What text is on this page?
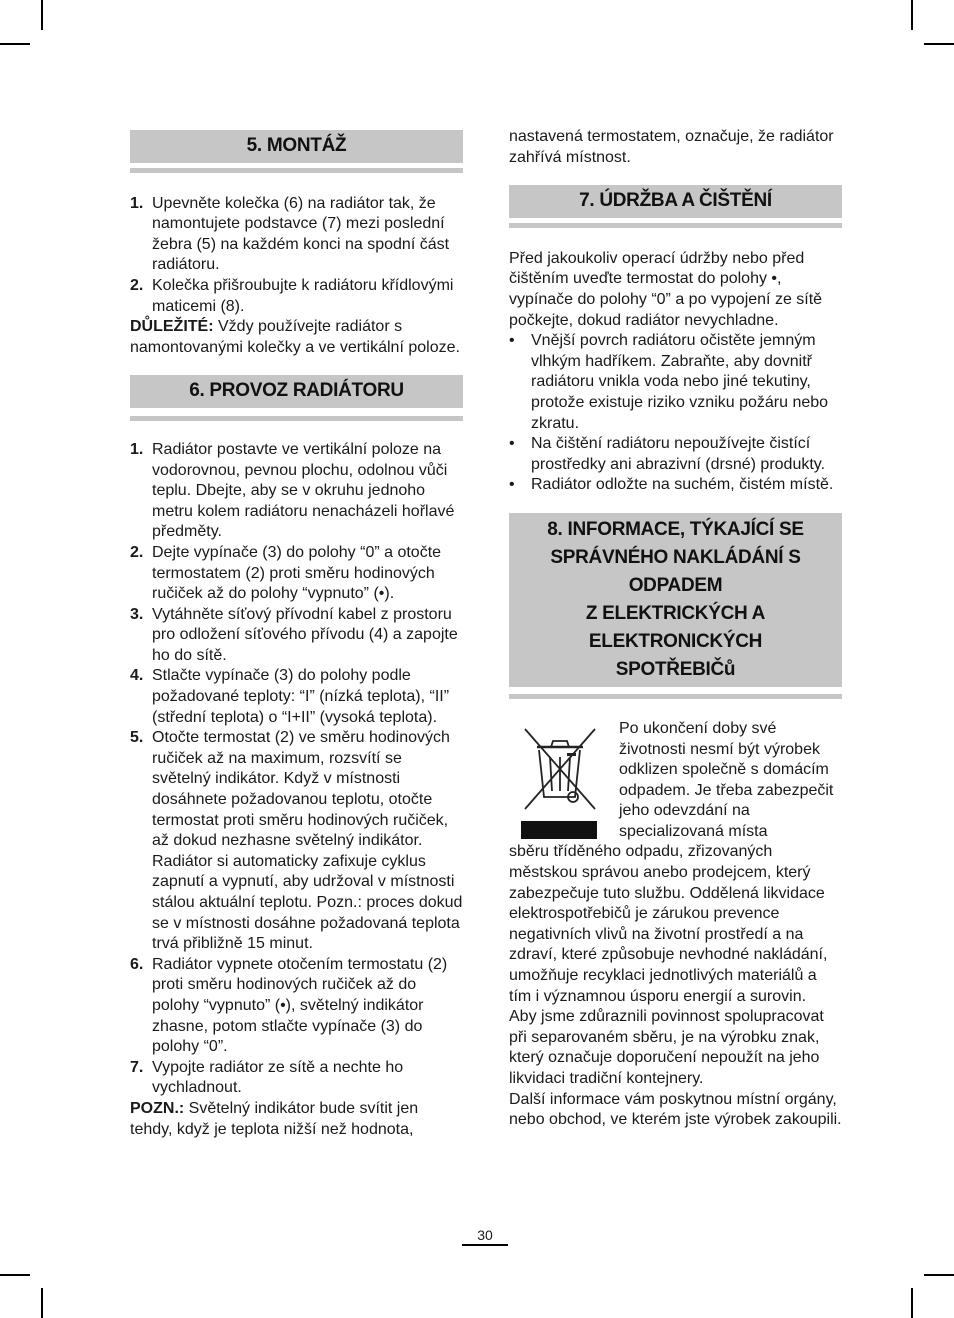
5. MONTÁŽ
1. Upevněte kolečka (6) na radiátor tak, že namontujete podstavce (7) mezi poslední žebra (5) na každém konci na spodní část radiátoru.
2. Kolečka přišroubujte k radiátoru křídlovými maticemi (8).

DŮLEŽITÉ: Vždy používejte radiátor s namontovanými kolečky a ve vertikální poloze.

6. PROVOZ RADIÁTORU
1. Radiátor postavte ve vertikální poloze na vodorovnou, pevnou plochu, odolnou vůči teplu. Dbejte, aby se v okruhu jednoho metru kolem radiátoru nenacházeli hořlavé předměty.
2. Dejte vypínače (3) do polohy “0” a otočte termostatem (2) proti směru hodinových ručiček až do polohy “vypnuto” (•).
3. Vytáhněte síťový přívodní kabel z prostoru pro odložení síťového přívodu (4) a zapojte ho do sítě.
4. Stlačte vypínače (3) do polohy podle požadované teploty: “I” (nízká teplota), “II” (střední teplota) o “I+II” (vysoká teplota).
5. Otočte termostat (2) ve směru hodinových ručiček až na maximum, rozsvítí se světelný indikátor. Když v místnosti dosáhnete požadovanou teplotu, otočte termostat proti směru hodinových ručiček, až dokud nezhasne světelný indikátor. Radiátor si automaticky zafixuje cyklus zapnutí a vypnutí, aby udržoval v místnosti stálou aktuální teplotu. Pozn.: proces dokud se v místnosti dosáhne požadovaná teplota trvá přibližně 15 minut.
6. Radiátor vypnete otočením termostatu (2) proti směru hodinových ručiček až do polohy “vypnuto” (•), světelný indikátor zhasne, potom stlačte vypínače (3) do polohy “0”.
7. Vypojte radiátor ze sítě a nechte ho vychladnout.

POZN.: Světelný indikátor bude svítit jen tehdy, když je teplota nižší než hodnota,

nastavená termostatem, označuje, že radiátor zahřívá místnost.

7. ÚDRŽBA A ČIŠTĚNÍ

Před jakoukoliv operací údržby nebo před čištěním uveďte termostat do polohy •, vypínače do polohy “0” a po vypojení ze sítě počkejte, dokud radiátor nevychladne.

• Vnější povrch radiátoru očistěte jemným vlhkým hadříkem. Zabraňte, aby dovnitř radiátoru vnikla voda nebo jiné tekutiny, protože existuje riziko vzniku požáru nebo zkratu.
• Na čištění radiátoru nepoužívejte čistící prostředky ani abrazivní (drsné) produkty.
• Radiátor odložte na suchém, čistém místě.
8. INFORMACE, TÝKAJÍCÍ SE
SPRÁVNÉHO NAKLÁDÁNÍ S ODPADEM
Z ELEKTRICKÝCH A ELEKTRONICKÝCH
SPOTŘEBIČů

Po ukončení doby své životnosti nesmí být výrobek odklizen společně s domácím odpadem. Je třeba zabezpečit jeho odevzdání na specializovaná místa

sběru tříděného odpadu, zřizovaných městskou správou anebo prodejcem, který zabezpečuje tuto službu. Oddělená likvidace elektrospotřebičů je zárukou prevence negativních vlivů na životní prostředí a na zdraví, které způsobuje nevhodné nakládání, umožňuje recyklaci jednotlivých materiálů a tím i významnou úsporu energií a surovin.

Aby jsme zdůraznili povinnost spolupracovat při separovaném sběru, je na výrobku znak, který označuje doporučení nepoužít na jeho likvidaci tradiční kontejnery.

Další informace vám poskytnou místní orgány, nebo obchod, ve kterém jste výrobek zakoupili.

30
